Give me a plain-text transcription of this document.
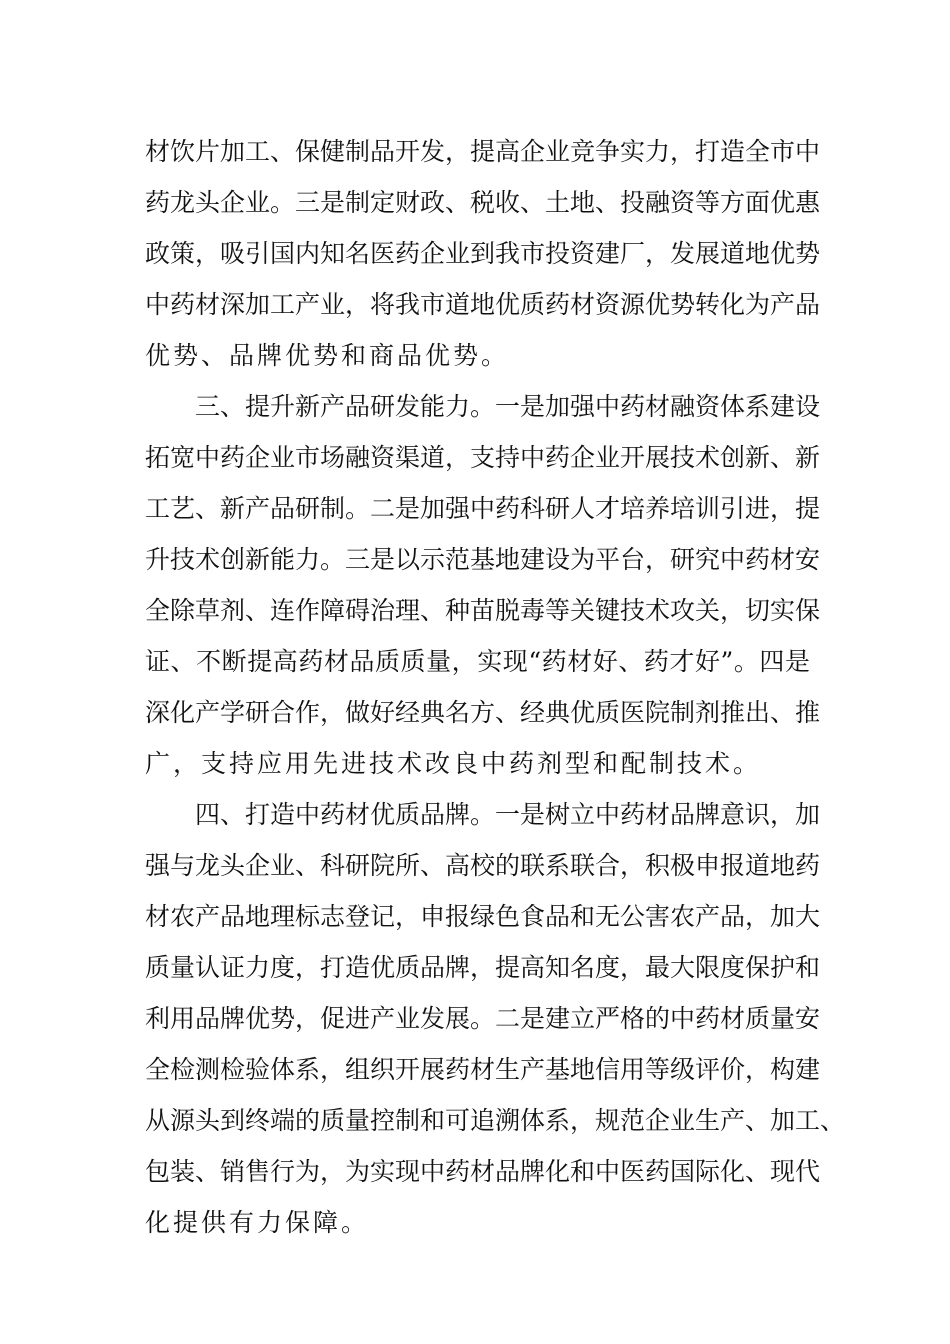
材饮片加工、保健制品开发，提高企业竞争实力，打造全市中
药龙头企业。三是制定财政、税收、土地、投融资等方面优惠
政策，吸引国内知名医药企业到我市投资建厂，发展道地优势
中药材深加工产业，将我市道地优质药材资源优势转化为产品
优势、品牌优势和商品优势。
三、提升新产品研发能力。一是加强中药材融资体系建设
拓宽中药企业市场融资渠道，支持中药企业开展技术创新、新
工艺、新产品研制。二是加强中药科研人才培养培训引进，提
升技术创新能力。三是以示范基地建设为平台，研究中药材安
全除草剂、连作障碍治理、种苗脱毒等关键技术攻关，切实保
证、不断提高药材品质质量，实现“药材好、药才好”。四是
深化产学研合作，做好经典名方、经典优质医院制剂推出、推
广，支持应用先进技术改良中药剂型和配制技术。
四、打造中药材优质品牌。一是树立中药材品牌意识，加
强与龙头企业、科研院所、高校的联系联合，积极申报道地药
材农产品地理标志登记，申报绿色食品和无公害农产品，加大
质量认证力度，打造优质品牌，提高知名度，最大限度保护和
利用品牌优势，促进产业发展。二是建立严格的中药材质量安
全检测检验体系，组织开展药材生产基地信用等级评价，构建
从源头到终端的质量控制和可追溯体系，规范企业生产、加工、
包装、销售行为，为实现中药材品牌化和中医药国际化、现代
化提供有力保障。
